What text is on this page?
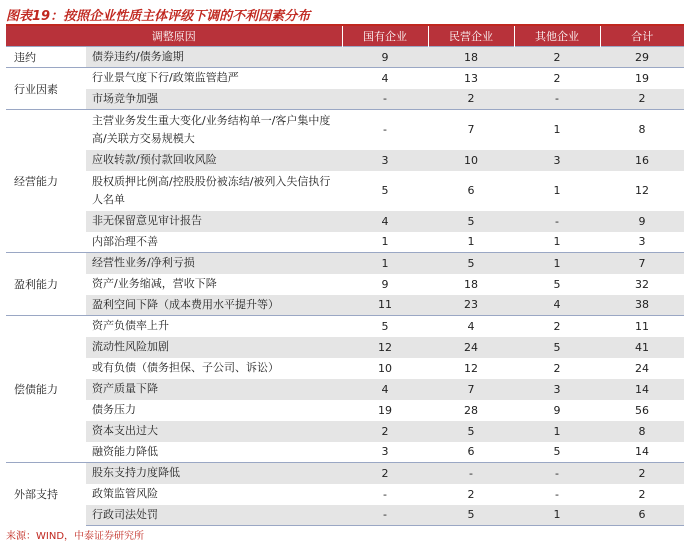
图表19：按照企业性质主体评级下调的不利因素分布
调整原因		国有企业	民营企业	其他企业	合计
违约	债券违约/债务逾期	9	18	2	29
行业因素	行业景气度下行/政策监管趋严	4	13	2	19
	市场竞争加强	-	2	-	2
经营能力	主营业务发生重大变化/业务结构单一/客户集中度高/关联方交易规模大	-	7	1	8
	应收转款/预付款回收风险	3	10	3	16
	股权质押比例高/控股股份被冻结/被列入失信执行人名单	5	6	1	12
	非无保留意见审计报告	4	5	-	9
	内部治理不善	1	1	1	3
盈利能力	经营性业务/净利亏损	1	5	1	7
	资产/业务缩减，营收下降	9	18	5	32
	盈利空间下降（成本费用水平提升等）	11	23	4	38
偿债能力	资产负债率上升	5	4	2	11
	流动性风险加剧	12	24	5	41
	或有负债（债务担保、子公司、诉讼）	10	12	2	24
	资产质量下降	4	7	3	14
	债务压力	19	28	9	56
	资本支出过大	2	5	1	8
	融资能力降低	3	6	5	14
外部支持	股东支持力度降低	2	-	-	2
	政策监管风险	-	2	-	2
	行政司法处罚	-	5	1	6
来源：WIND，中泰证券研究所
